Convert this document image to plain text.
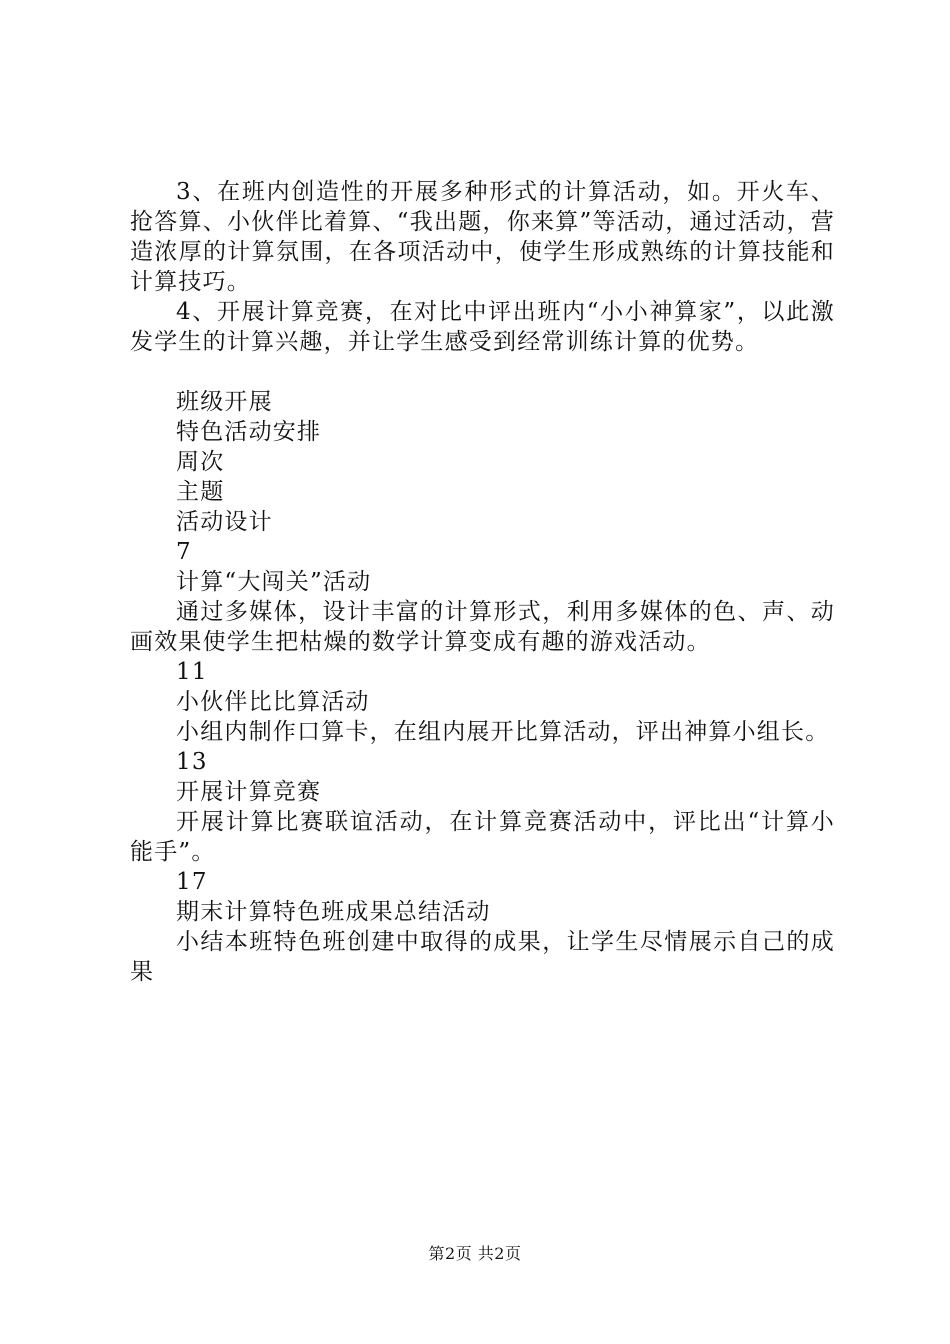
3、在班内创造性的开展多种形式的计算活动，如。开火车、抢答算、小伙伴比着算、“我出题，你来算”等活动，通过活动，营造浓厚的计算氛围，在各项活动中，使学生形成熟练的计算技能和计算技巧。

4、开展计算竞赛，在对比中评出班内“小小神算家”，以此激发学生的计算兴趣，并让学生感受到经常训练计算的优势。

班级开展

特色活动安排

周次

主题

活动设计

7

计算“大闯关”活动

通过多媒体，设计丰富的计算形式，利用多媒体的色、声、动画效果使学生把枯燥的数学计算变成有趣的游戏活动。

11

小伙伴比比算活动

小组内制作口算卡，在组内展开比算活动，评出神算小组长。

13

开展计算竞赛

开展计算比赛联谊活动，在计算竞赛活动中，评比出“计算小能手”。

17

期末计算特色班成果总结活动

小结本班特色班创建中取得的成果，让学生尽情展示自己的成果

第2页 共2页
